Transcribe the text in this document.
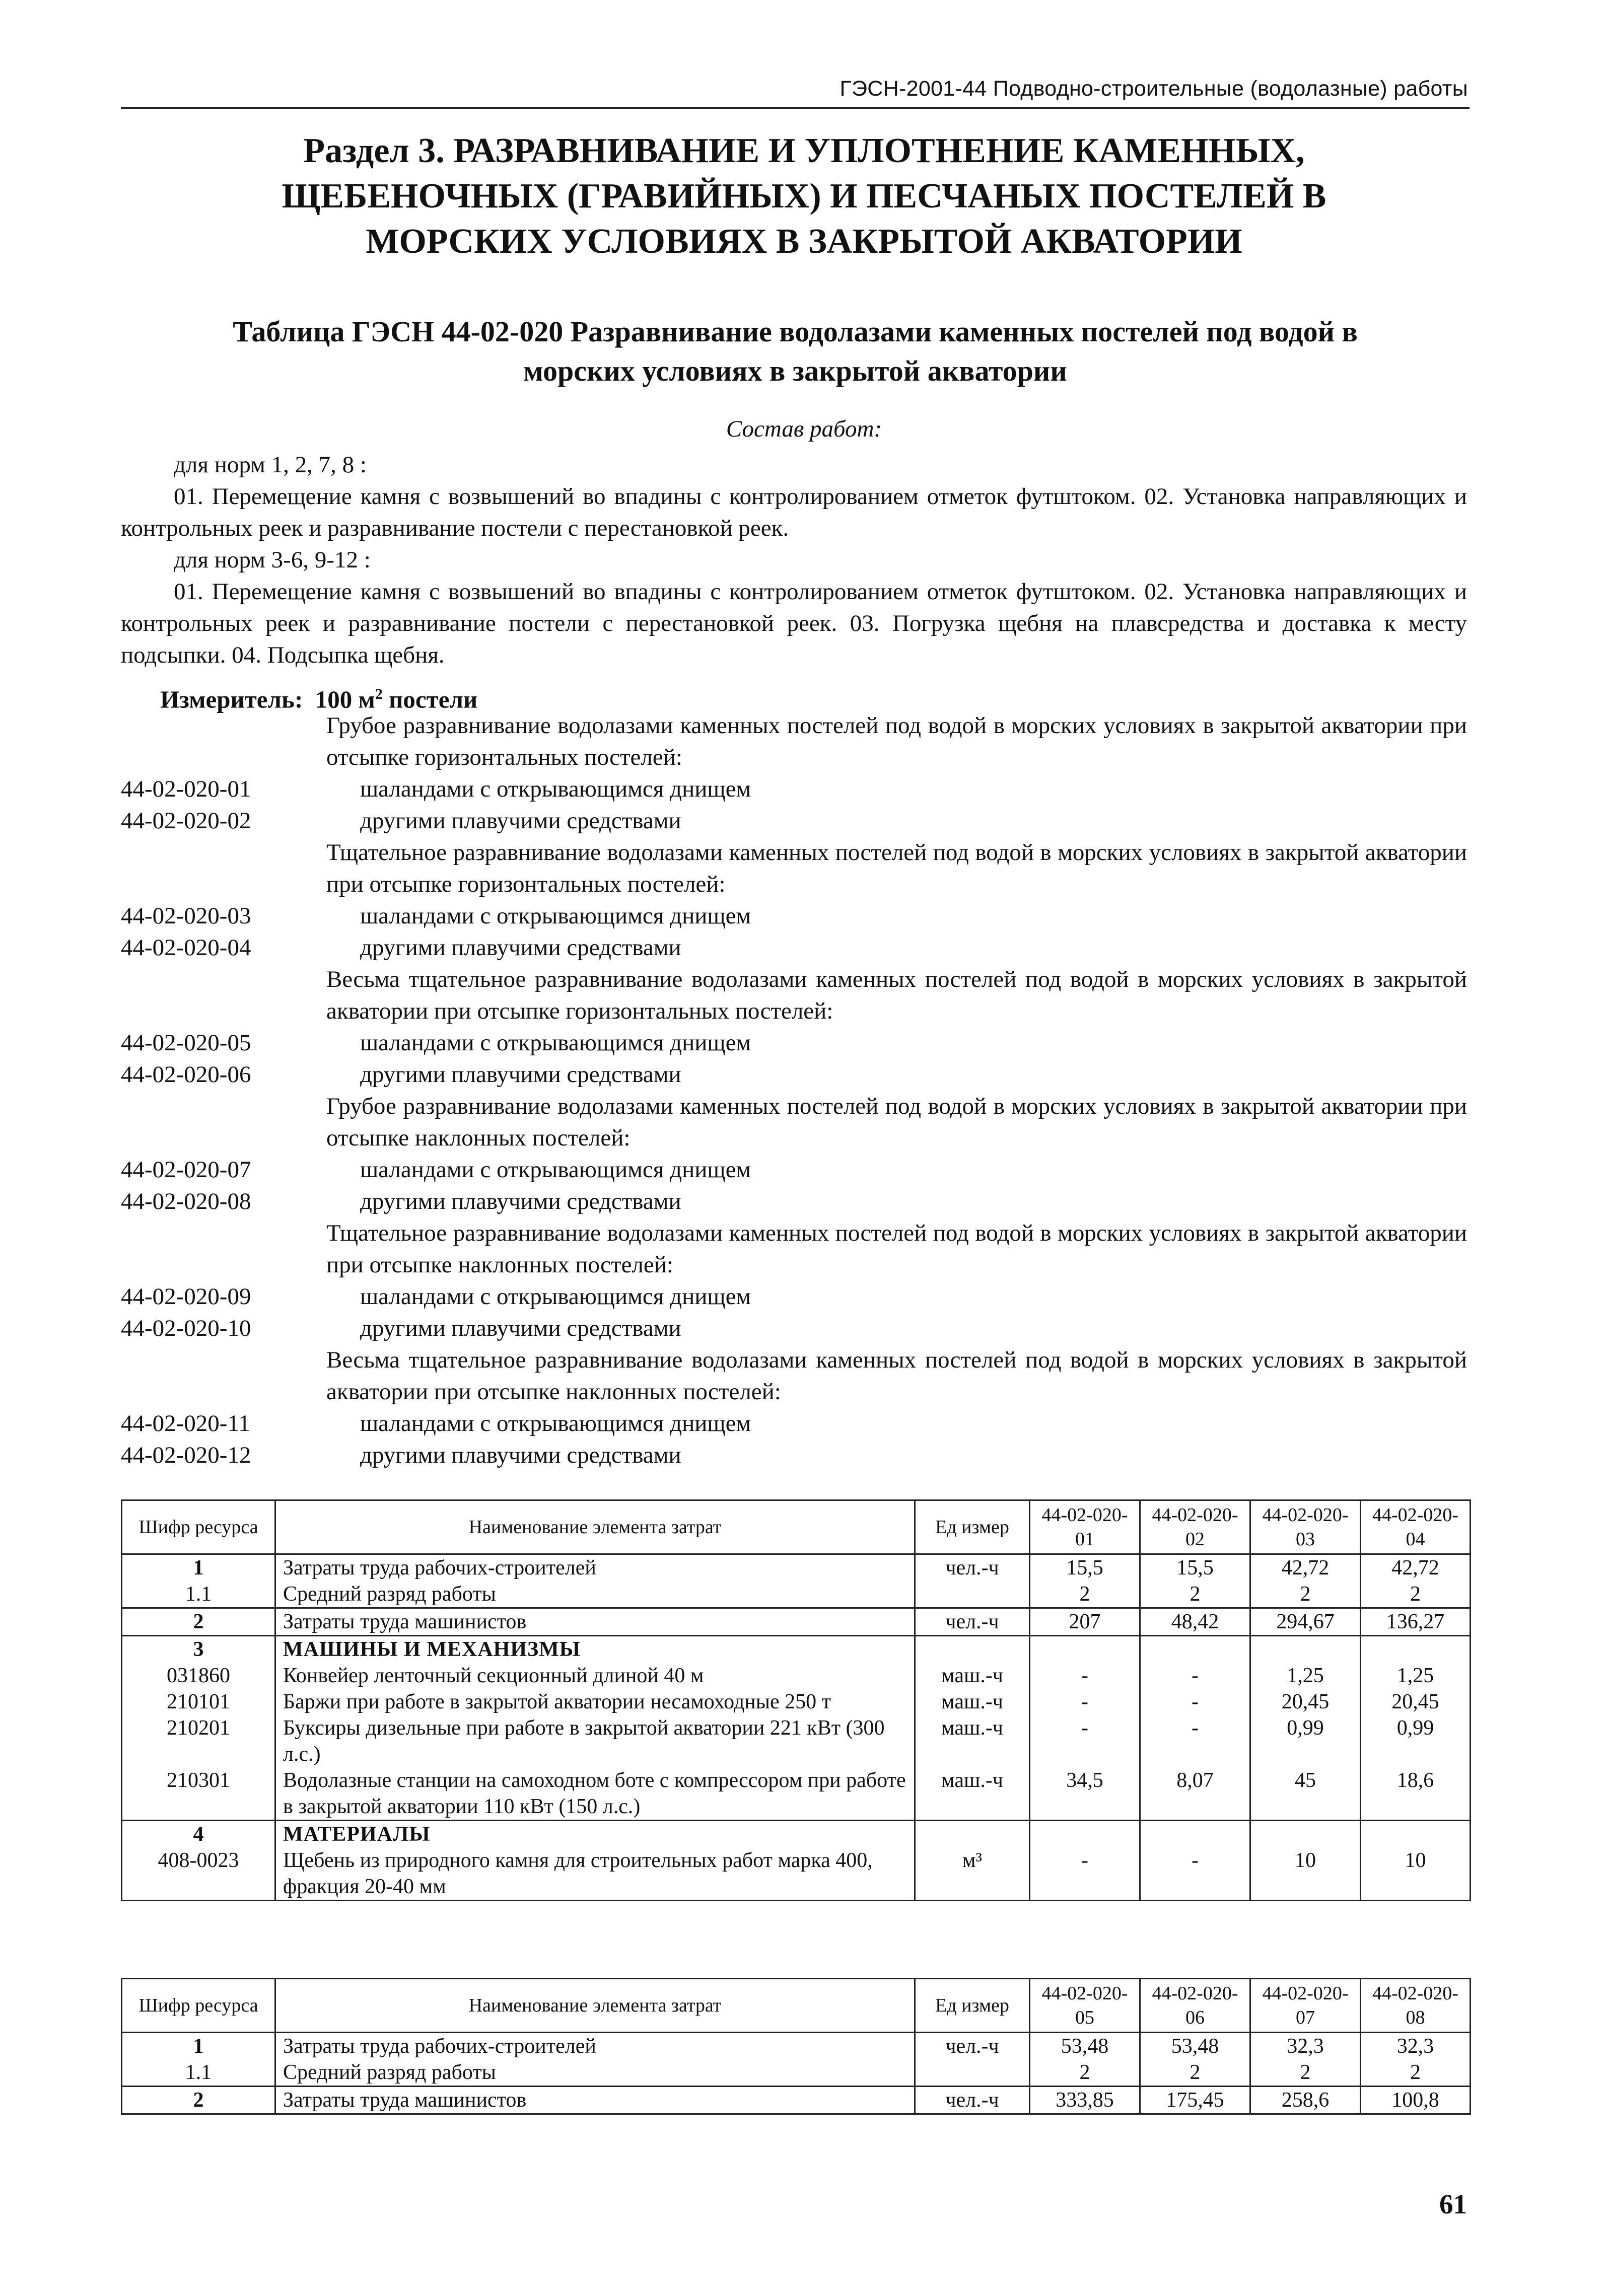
ГЭСН-2001-44 Подводно-строительные (водолазные) работы
Раздел 3. РАЗРАВНИВАНИЕ И УПЛОТНЕНИЕ КАМЕННЫХ,
ЩЕБЕНОЧНЫХ (ГРАВИЙНЫХ) И ПЕСЧАНЫХ ПОСТЕЛЕЙ В
МОРСКИХ УСЛОВИЯХ В ЗАКРЫТОЙ АКВАТОРИИ
Таблица ГЭСН 44-02-020 Разравнивание водолазами каменных постелей под водой в
морских условиях в закрытой акватории
Состав работ:
для норм 1, 2, 7, 8 :
01. Перемещение камня с возвышений во впадины с контролированием отметок футштоком. 02. Установка направляющих и контрольных реек и разравнивание постели с перестановкой реек.
для норм 3-6, 9-12 :
01. Перемещение камня с возвышений во впадины с контролированием отметок футштоком. 02. Установка направляющих и контрольных реек и разравнивание постели с перестановкой реек. 03. Погрузка щебня на плавсредства и доставка к месту подсыпки. 04. Подсыпка щебня.
Измеритель: 100 $м^2$ постели
Грубое разравнивание водолазами каменных постелей под водой в морских условиях в закрытой акватории при отсыпке горизонтальных постелей:
44-02-020-01	шаландами с открывающимся днищем
44-02-020-02	другими плавучими средствами
Тщательное разравнивание водолазами каменных постелей под водой в морских условиях в закрытой акватории при отсыпке горизонтальных постелей:
44-02-020-03	шаландами с открывающимся днищем
44-02-020-04	другими плавучими средствами
Весьма тщательное разравнивание водолазами каменных постелей под водой в морских условиях в закрытой акватории при отсыпке горизонтальных постелей:
44-02-020-05	шаландами с открывающимся днищем
44-02-020-06	другими плавучими средствами
Грубое разравнивание водолазами каменных постелей под водой в морских условиях в закрытой акватории при отсыпке наклонных постелей:
44-02-020-07	шаландами с открывающимся днищем
44-02-020-08	другими плавучими средствами
Тщательное разравнивание водолазами каменных постелей под водой в морских условиях в закрытой акватории при отсыпке наклонных постелей:
44-02-020-09	шаландами с открывающимся днищем
44-02-020-10	другими плавучими средствами
Весьма тщательное разравнивание водолазами каменных постелей под водой в морских условиях в закрытой акватории при отсыпке наклонных постелей:
44-02-020-11	шаландами с открывающимся днищем
44-02-020-12	другими плавучими средствами
Шифр ресурса	Наименование элемента затрат	Ед измер	44-02-020-01	44-02-020-02	44-02-020-03	44-02-020-04
1	Затраты труда рабочих-строителей	чел.-ч	15,5	15,5	42,72	42,72
1.1	Средний разряд работы		2	2	2	2
2	Затраты труда машинистов	чел.-ч	207	48,42	294,67	136,27
3	МАШИНЫ И МЕХАНИЗМЫ					
031860	Конвейер ленточный секционный длиной 40 м	маш.-ч	-	-	1,25	1,25
210101	Баржи при работе в закрытой акватории несамоходные 250 т	маш.-ч	-	-	20,45	20,45
210201	Буксиры дизельные при работе в закрытой акватории 221 кВт (300 л.с.)	маш.-ч	-	-	0,99	0,99
210301	Водолазные станции на самоходном боте с компрессором при работе в закрытой акватории 110 кВт (150 л.с.)	маш.-ч	34,5	8,07	45	18,6
4	МАТЕРИАЛЫ					
408-0023	Щебень из природного камня для строительных работ марка 400, фракция 20-40 мм	м³	-	-	10	10
Шифр ресурса	Наименование элемента затрат	Ед измер	44-02-020-05	44-02-020-06	44-02-020-07	44-02-020-08
1	Затраты труда рабочих-строителей	чел.-ч	53,48	53,48	32,3	32,3
1.1	Средний разряд работы		2	2	2	2
2	Затраты труда машинистов	чел.-ч	333,85	175,45	258,6	100,8
61
